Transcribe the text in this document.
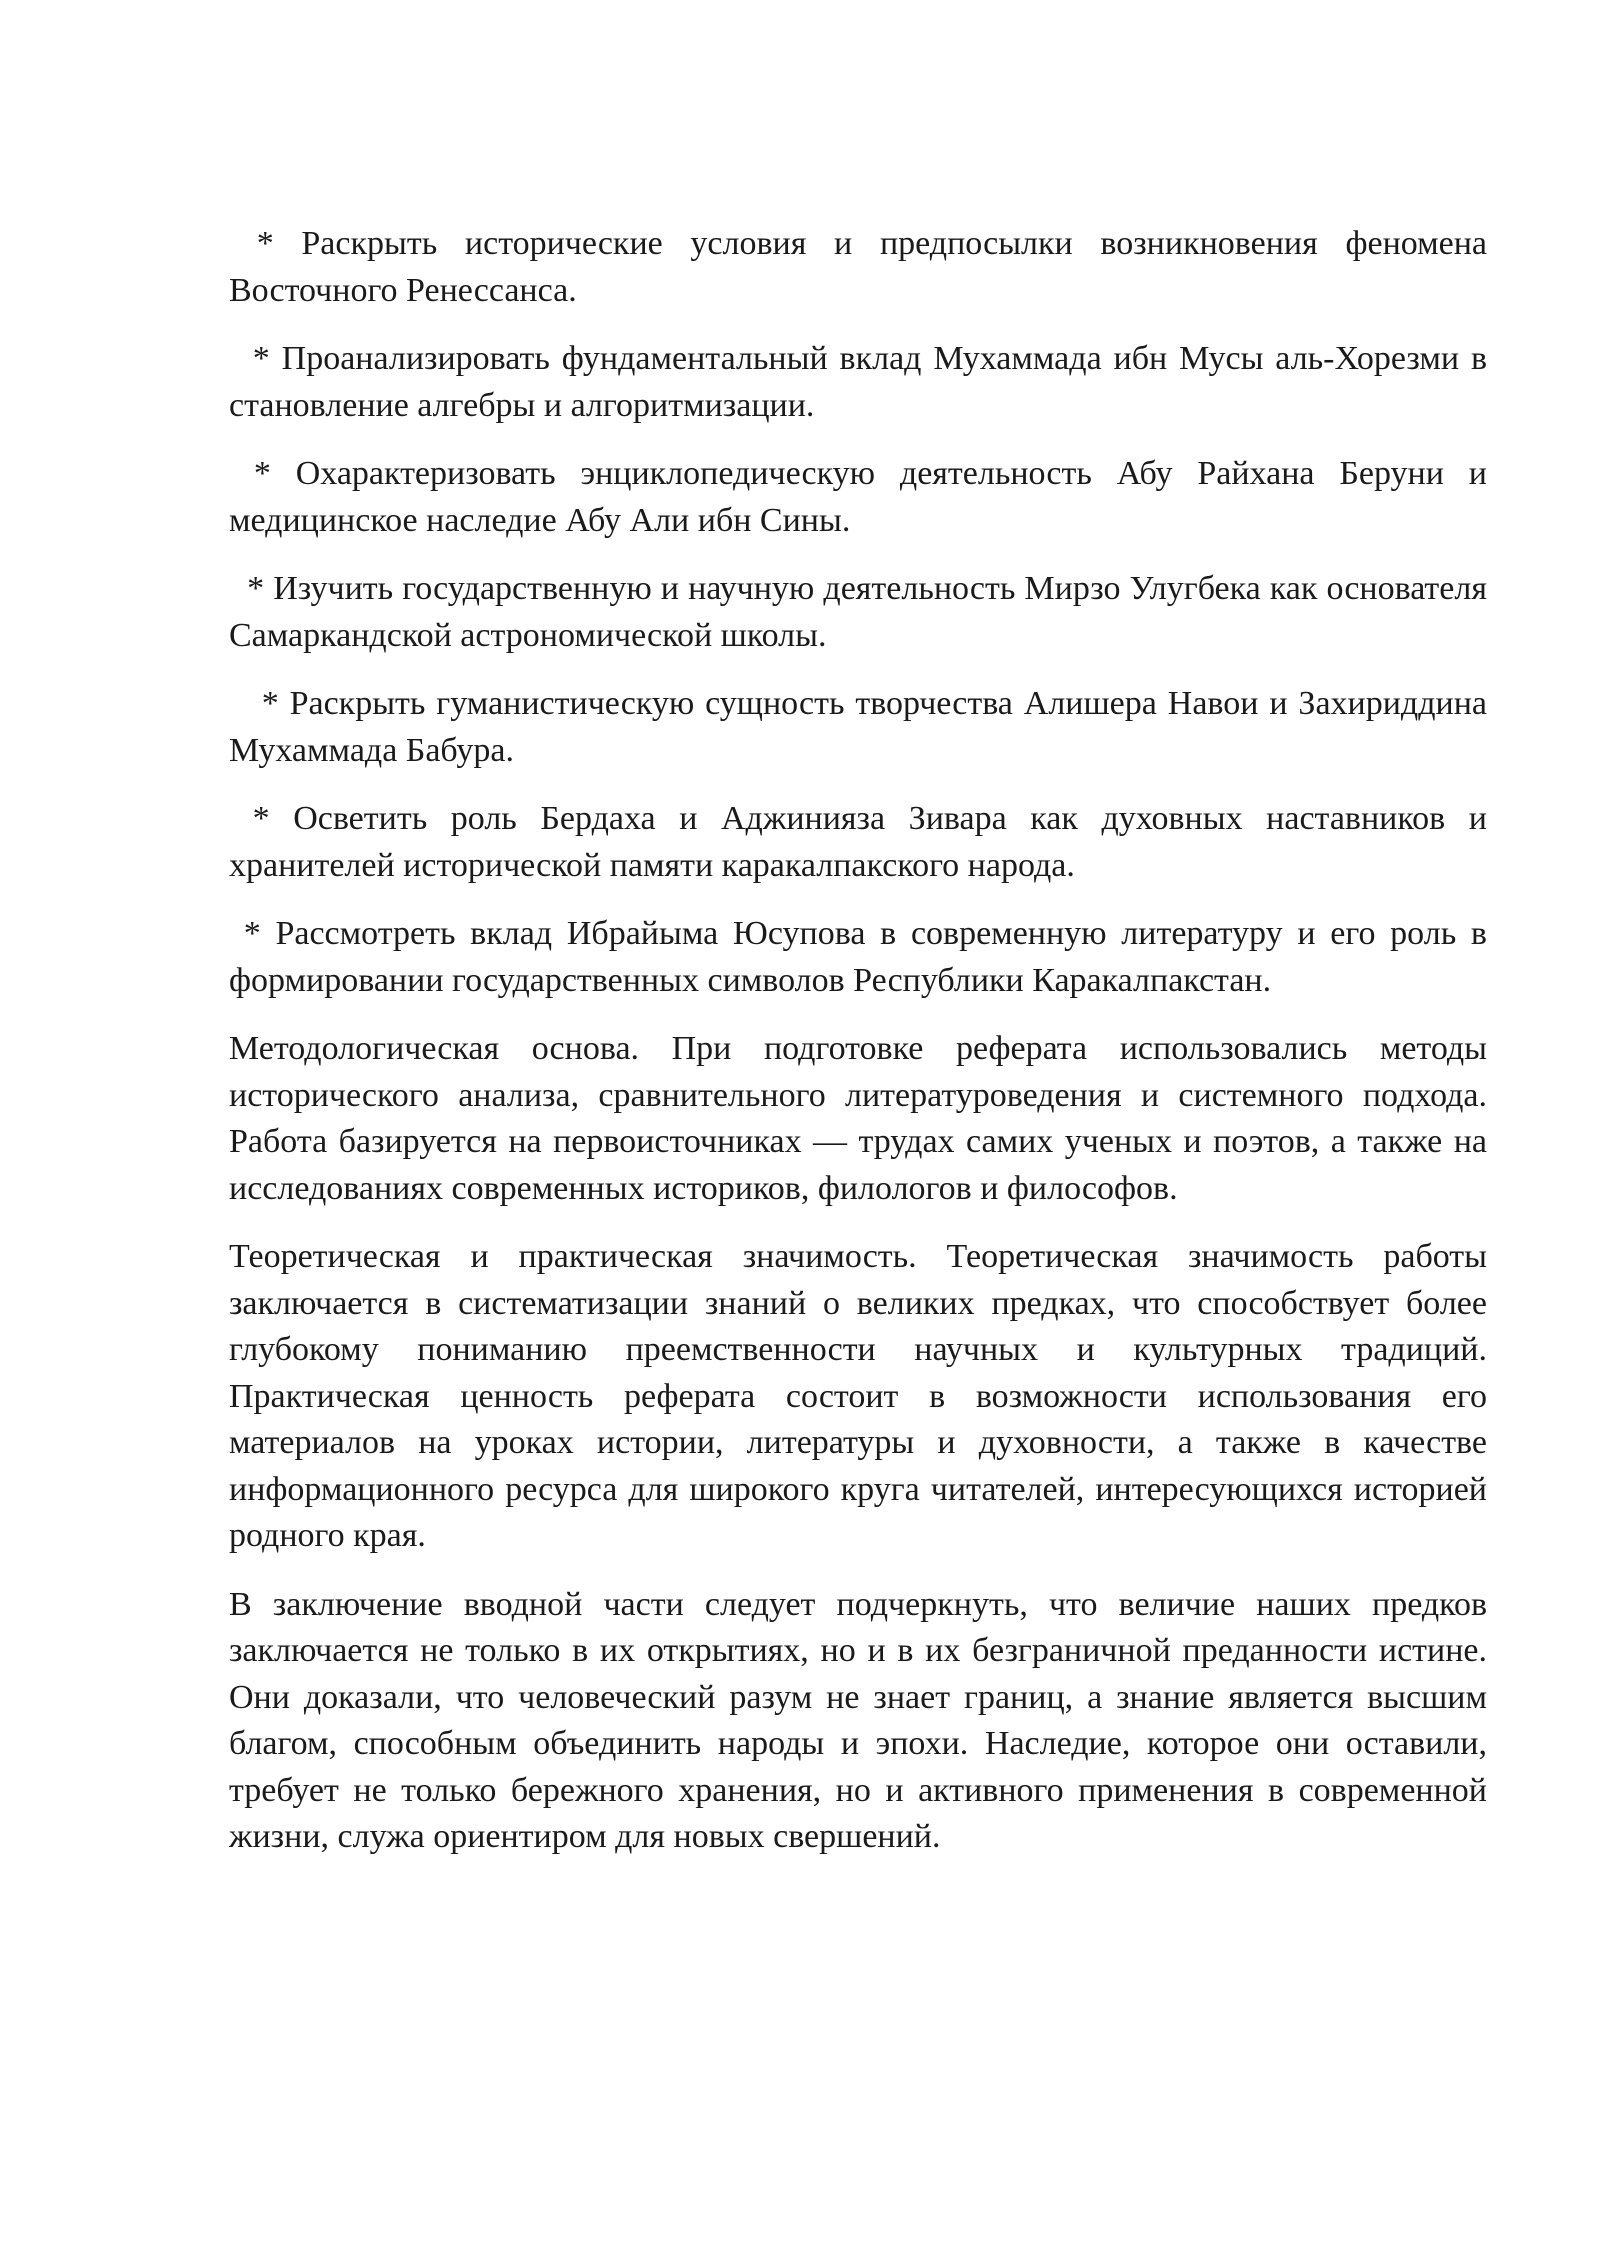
* Раскрыть исторические условия и предпосылки возникновения феномена Восточного Ренессанса.

* Проанализировать фундаментальный вклад Мухаммада ибн Мусы аль-Хорезми в становление алгебры и алгоритмизации.

* Охарактеризовать энциклопедическую деятельность Абу Райхана Беруни и медицинское наследие Абу Али ибн Сины.

* Изучить государственную и научную деятельность Мирзо Улугбека как основателя Самаркандской астрономической школы.

* Раскрыть гуманистическую сущность творчества Алишера Навои и Захириддина Мухаммада Бабура.

* Осветить роль Бердаха и Аджинияза Зивара как духовных наставников и хранителей исторической памяти каракалпакского народа.

* Рассмотреть вклад Ибрайыма Юсупова в современную литературу и его роль в формировании государственных символов Республики Каракалпакстан.

Методологическая основа. При подготовке реферата использовались методы исторического анализа, сравнительного литературоведения и системного подхода. Работа базируется на первоисточниках — трудах самих ученых и поэтов, а также на исследованиях современных историков, филологов и философов.

Теоретическая и практическая значимость. Теоретическая значимость работы заключается в систематизации знаний о великих предках, что способствует более глубокому пониманию преемственности научных и культурных традиций. Практическая ценность реферата состоит в возможности использования его материалов на уроках истории, литературы и духовности, а также в качестве информационного ресурса для широкого круга читателей, интересующихся историей родного края.

В заключение вводной части следует подчеркнуть, что величие наших предков заключается не только в их открытиях, но и в их безграничной преданности истине. Они доказали, что человеческий разум не знает границ, а знание является высшим благом, способным объединить народы и эпохи. Наследие, которое они оставили, требует не только бережного хранения, но и активного применения в современной жизни, служа ориентиром для новых свершений.
